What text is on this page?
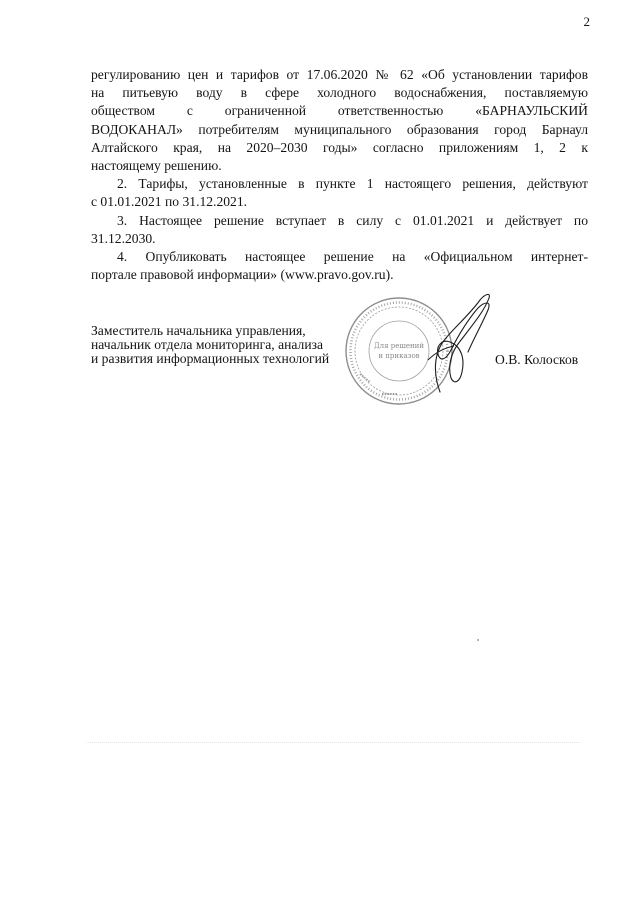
2
регулированию цен и тарифов от 17.06.2020 № 62 «Об установлении тарифов
на питьевую воду в сфере холодного водоснабжения, поставляемую
обществом с ограниченной ответственностью «БАРНАУЛЬСКИЙ
ВОДОКАНАЛ» потребителям муниципального образования город Барнаул
Алтайского края, на 2020–2030 годы» согласно приложениям 1, 2 к
настоящему решению.
2. Тарифы, установленные в пункте 1 настоящего решения, действуют
с 01.01.2021 по 31.12.2021.
3. Настоящее решение вступает в силу с 01.01.2021 и действует по
31.12.2030.
4. Опубликовать настоящее решение на «Официальном интернет-
портале правовой информации» (www.pravo.gov.ru).
Для решений
и приказов
Заместитель начальника управления,
начальник отдела мониторинга, анализа
и развития информационных технологий	О.В. Колосков
